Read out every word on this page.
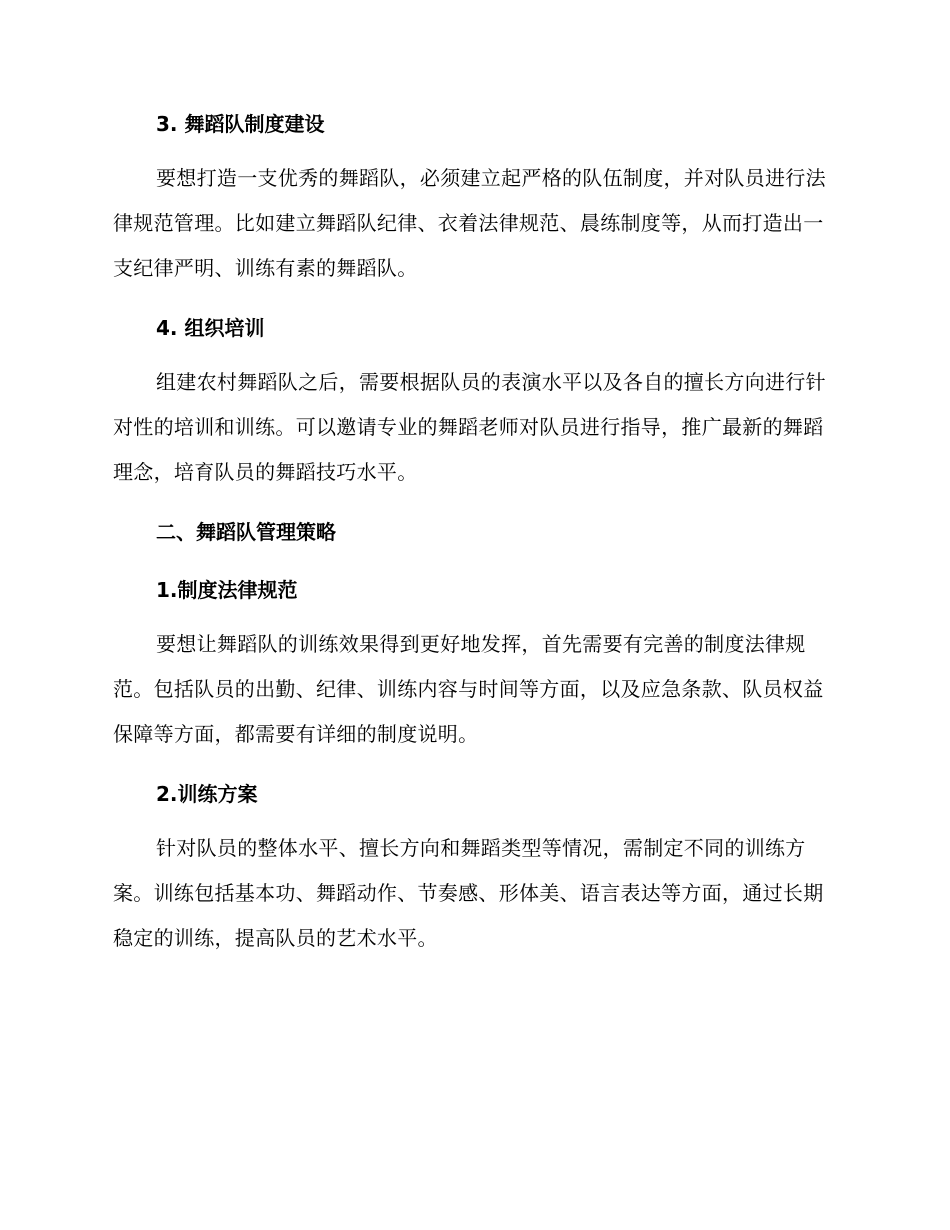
3. 舞蹈队制度建设

要想打造一支优秀的舞蹈队，必须建立起严格的队伍制度，并对队员进行法律规范管理。比如建立舞蹈队纪律、衣着法律规范、晨练制度等，从而打造出一支纪律严明、训练有素的舞蹈队。

4. 组织培训

组建农村舞蹈队之后，需要根据队员的表演水平以及各自的擅长方向进行针对性的培训和训练。可以邀请专业的舞蹈老师对队员进行指导，推广最新的舞蹈理念，培育队员的舞蹈技巧水平。

二、舞蹈队管理策略
1.制度法律规范

要想让舞蹈队的训练效果得到更好地发挥，首先需要有完善的制度法律规范。包括队员的出勤、纪律、训练内容与时间等方面，以及应急条款、队员权益保障等方面，都需要有详细的制度说明。

2.训练方案

针对队员的整体水平、擅长方向和舞蹈类型等情况，需制定不同的训练方案。训练包括基本功、舞蹈动作、节奏感、形体美、语言表达等方面，通过长期稳定的训练，提高队员的艺术水平。
